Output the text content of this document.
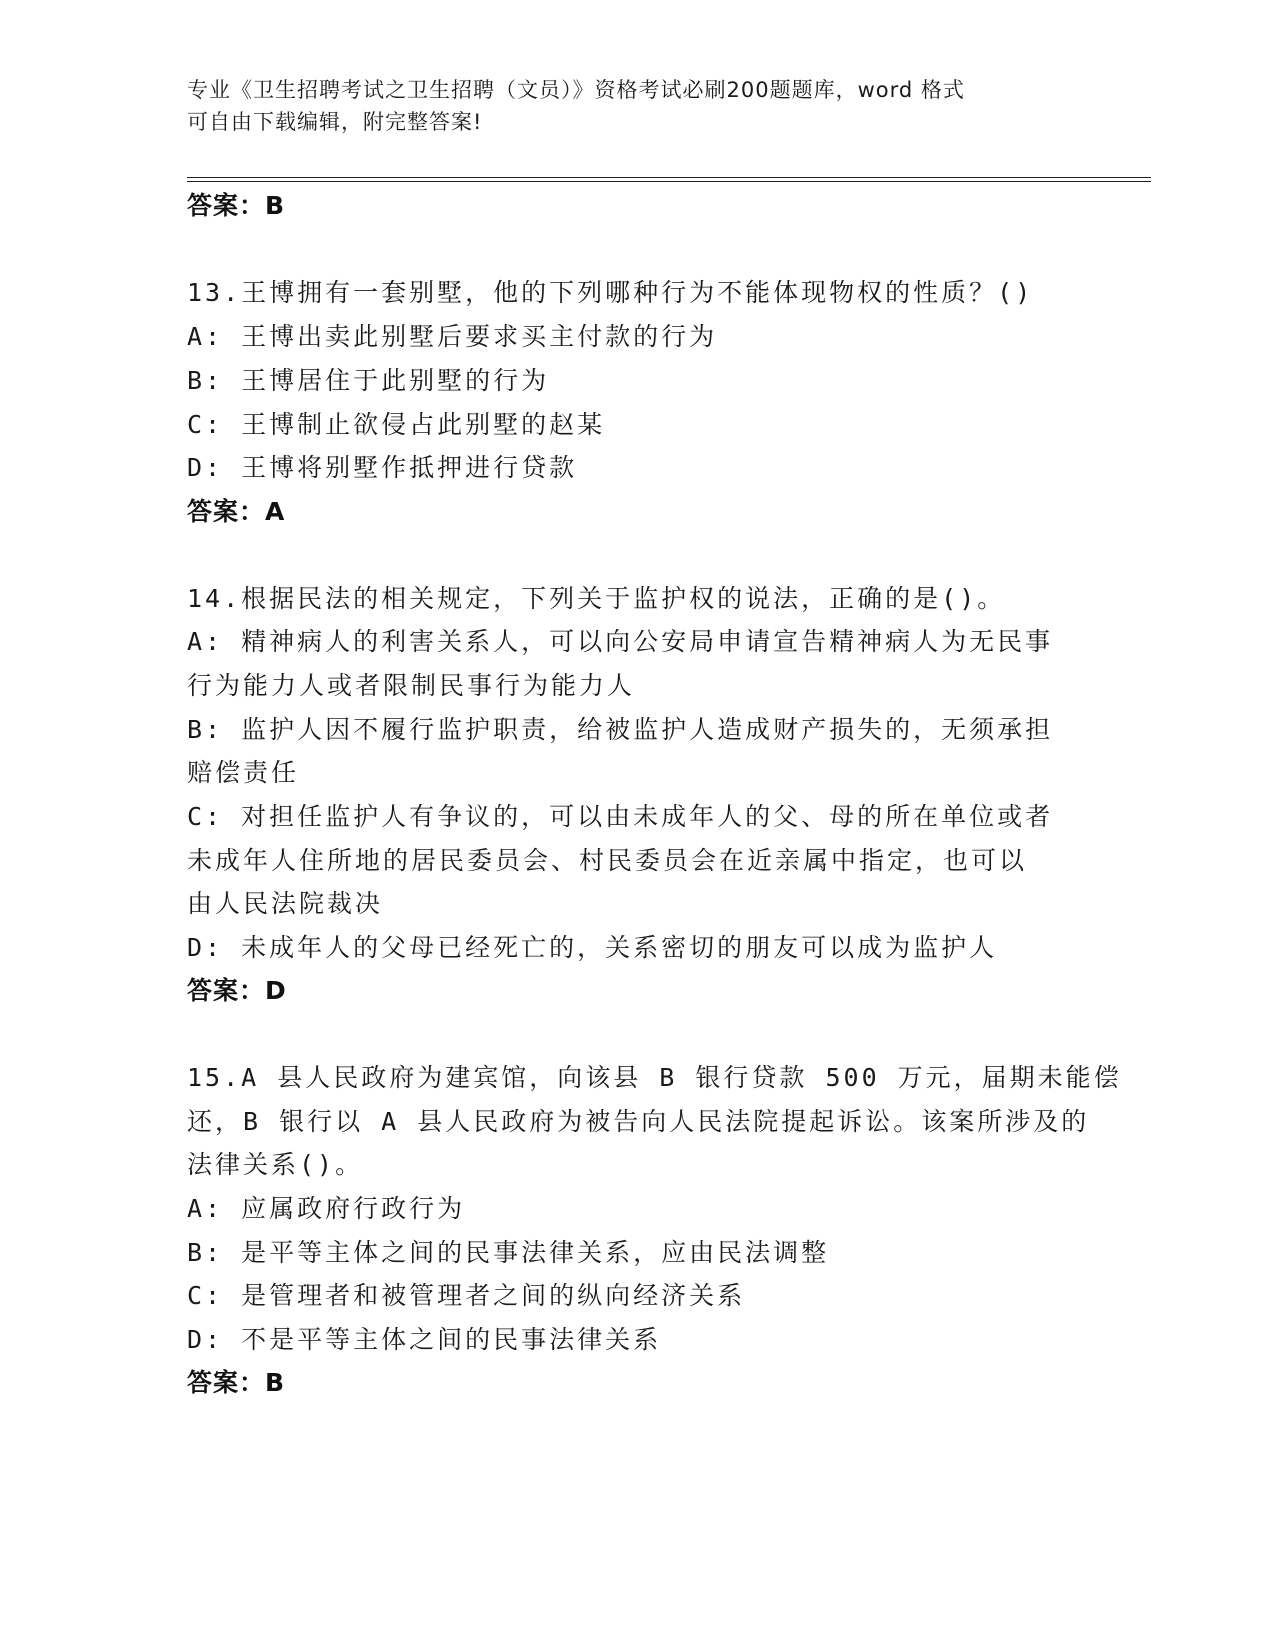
专业《卫生招聘考试之卫生招聘（文员）》资格考试必刷200题题库，word 格式
可自由下载编辑，附完整答案!
答案：B
13.王博拥有一套别墅，他的下列哪种行为不能体现物权的性质？()
A: 王博出卖此别墅后要求买主付款的行为
B: 王博居住于此别墅的行为
C: 王博制止欲侵占此别墅的赵某
D: 王博将别墅作抵押进行贷款
答案：A
14.根据民法的相关规定，下列关于监护权的说法，正确的是()。
A: 精神病人的利害关系人，可以向公安局申请宣告精神病人为无民事
行为能力人或者限制民事行为能力人
B: 监护人因不履行监护职责，给被监护人造成财产损失的，无须承担
赔偿责任
C: 对担任监护人有争议的，可以由未成年人的父、母的所在单位或者
未成年人住所地的居民委员会、村民委员会在近亲属中指定，也可以
由人民法院裁决
D: 未成年人的父母已经死亡的，关系密切的朋友可以成为监护人
答案：D
15.A 县人民政府为建宾馆，向该县 B 银行贷款 500 万元，届期未能偿
还，B 银行以 A 县人民政府为被告向人民法院提起诉讼。该案所涉及的
法律关系()。
A: 应属政府行政行为
B: 是平等主体之间的民事法律关系，应由民法调整
C: 是管理者和被管理者之间的纵向经济关系
D: 不是平等主体之间的民事法律关系
答案：B
